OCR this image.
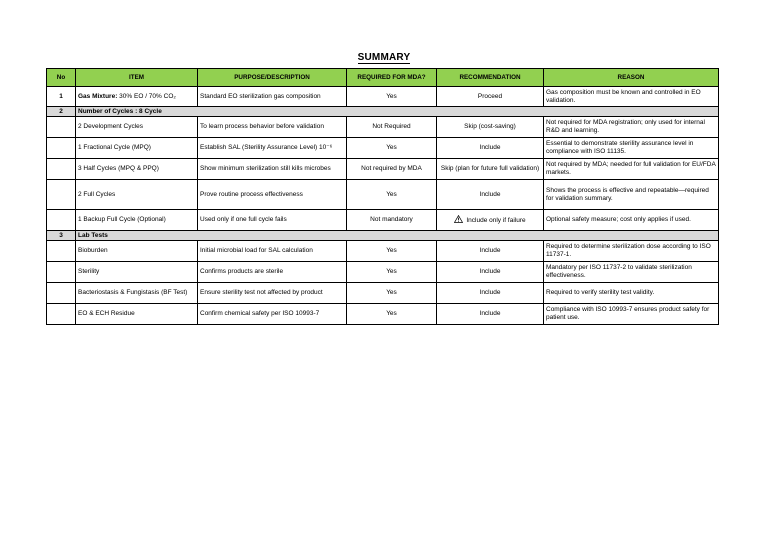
SUMMARY
No	ITEM	PURPOSE/DESCRIPTION	REQUIRED FOR MDA?	RECOMMENDATION	REASON
1	Gas Mixture: 30% EO / 70% CO₂	Standard EO sterilization gas composition	Yes	Proceed	Gas composition must be known and controlled in EO validation.
2	Number of Cycles : 8 Cycle				
	2 Development Cycles	To learn process behavior before validation	Not Required	Skip (cost-saving)	Not required for MDA registration; only used for internal R&D and learning.
	1 Fractional Cycle (MPQ)	Establish SAL (Sterility Assurance Level) 10⁻⁶	Yes	Include	Essential to demonstrate sterility assurance level in compliance with ISO 11135.
	3 Half Cycles (MPQ & PPQ)	Show minimum sterilization still kills microbes	Not required by MDA	Skip (plan for future full validation)	Not required by MDA; needed for full validation for EU/FDA markets.
	2 Full Cycles	Prove routine process effectiveness	Yes	Include	Shows the process is effective and repeatable—required for validation summary.
	1 Backup Full Cycle (Optional)	Used only if one full cycle fails	Not mandatory	Include only if failure	Optional safety measure; cost only applies if used.
3	Lab Tests				
	Bioburden	Initial microbial load for SAL calculation	Yes	Include	Required to determine sterilization dose according to ISO 11737-1.
	Sterility	Confirms products are sterile	Yes	Include	Mandatory per ISO 11737-2 to validate sterilization effectiveness.
	Bacteriostasis & Fungistasis (BF Test)	Ensure sterility test not affected by product	Yes	Include	Required to verify sterility test validity.
	EO & ECH Residue	Confirm chemical safety per ISO 10993-7	Yes	Include	Compliance with ISO 10993-7 ensures product safety for patient use.
